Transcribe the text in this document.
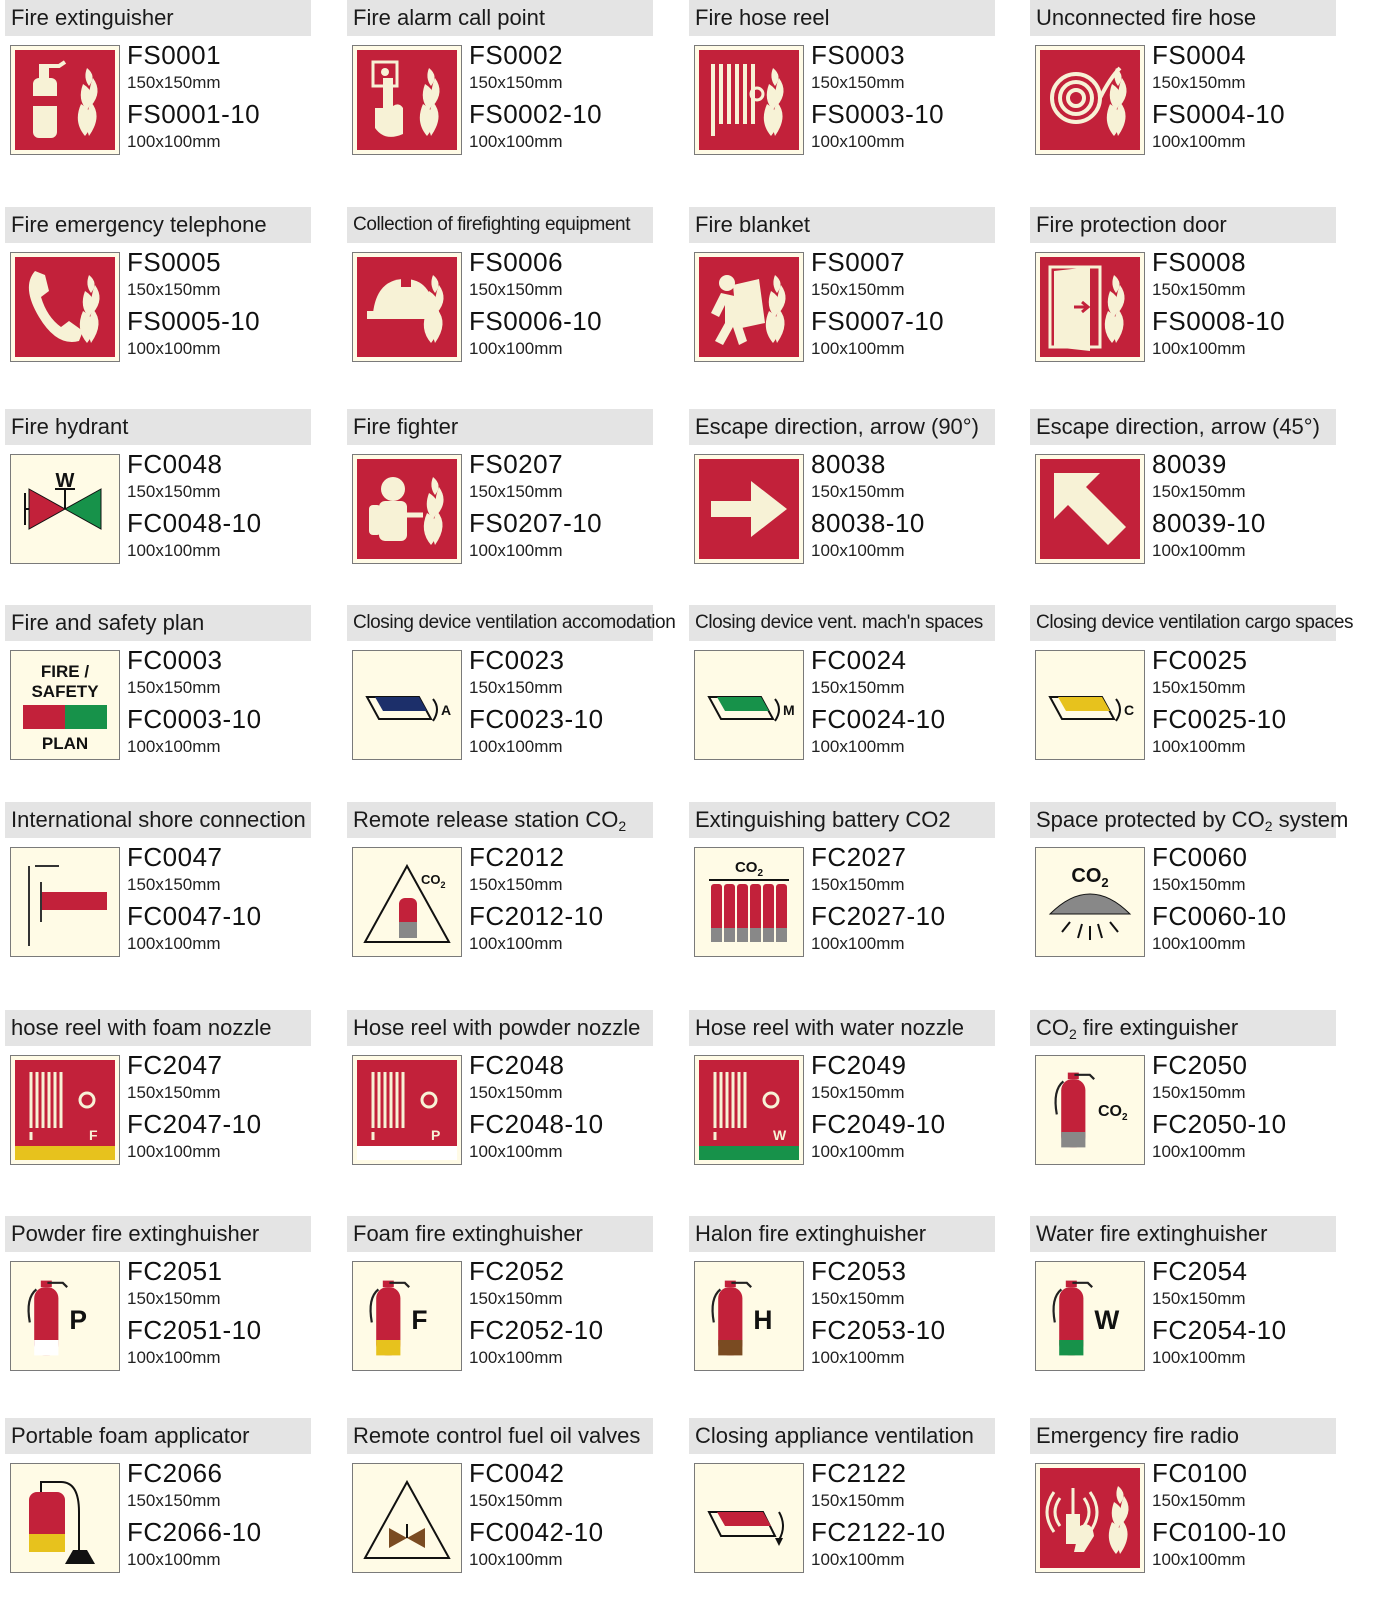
Fire extinguisher
FS0001
150x150mm
FS0001-10
100x100mm
Fire alarm call point
FS0002
150x150mm
FS0002-10
100x100mm
Fire hose reel
FS0003
150x150mm
FS0003-10
100x100mm
Unconnected fire hose
FS0004
150x150mm
FS0004-10
100x100mm
Fire emergency telephone
FS0005
150x150mm
FS0005-10
100x100mm
Collection of firefighting equipment
FS0006
150x150mm
FS0006-10
100x100mm
Fire blanket
FS0007
150x150mm
FS0007-10
100x100mm
Fire protection door
FS0008
150x150mm
FS0008-10
100x100mm
Fire hydrant
W
FC0048
150x150mm
FC0048-10
100x100mm
Fire fighter
FS0207
150x150mm
FS0207-10
100x100mm
Escape direction, arrow (90°)
80038
150x150mm
80038-10
100x100mm
Escape direction, arrow (45°)
80039
150x150mm
80039-10
100x100mm
Fire and safety plan
FIRE /
SAFETY
PLAN
FC0003
150x150mm
FC0003-10
100x100mm
Closing device ventilation accomodation
A
FC0023
150x150mm
FC0023-10
100x100mm
Closing device vent. mach'n spaces
M
FC0024
150x150mm
FC0024-10
100x100mm
Closing device ventilation cargo spaces
C
FC0025
150x150mm
FC0025-10
100x100mm
International shore connection
FC0047
150x150mm
FC0047-10
100x100mm
Remote release station $CO_2$
$CO_2$
FC2012
150x150mm
FC2012-10
100x100mm
Extinguishing battery CO2
$CO_2$
FC2027
150x150mm
FC2027-10
100x100mm
Space protected by $CO_2$ system
$CO_2$
FC0060
150x150mm
FC0060-10
100x100mm
hose reel with foam nozzle
F
FC2047
150x150mm
FC2047-10
100x100mm
Hose reel with powder nozzle
P
FC2048
150x150mm
FC2048-10
100x100mm
Hose reel with water nozzle
W
FC2049
150x150mm
FC2049-10
100x100mm
$CO_2$ fire extinguisher
$CO_2$
FC2050
150x150mm
FC2050-10
100x100mm
Powder fire extinghuisher
P
FC2051
150x150mm
FC2051-10
100x100mm
Foam fire extinghuisher
F
FC2052
150x150mm
FC2052-10
100x100mm
Halon fire extinghuisher
H
FC2053
150x150mm
FC2053-10
100x100mm
Water fire extinghuisher
W
FC2054
150x150mm
FC2054-10
100x100mm
Portable foam applicator
FC2066
150x150mm
FC2066-10
100x100mm
Remote control fuel oil valves
FC0042
150x150mm
FC0042-10
100x100mm
Closing appliance ventilation
FC2122
150x150mm
FC2122-10
100x100mm
Emergency fire radio
FC0100
150x150mm
FC0100-10
100x100mm
